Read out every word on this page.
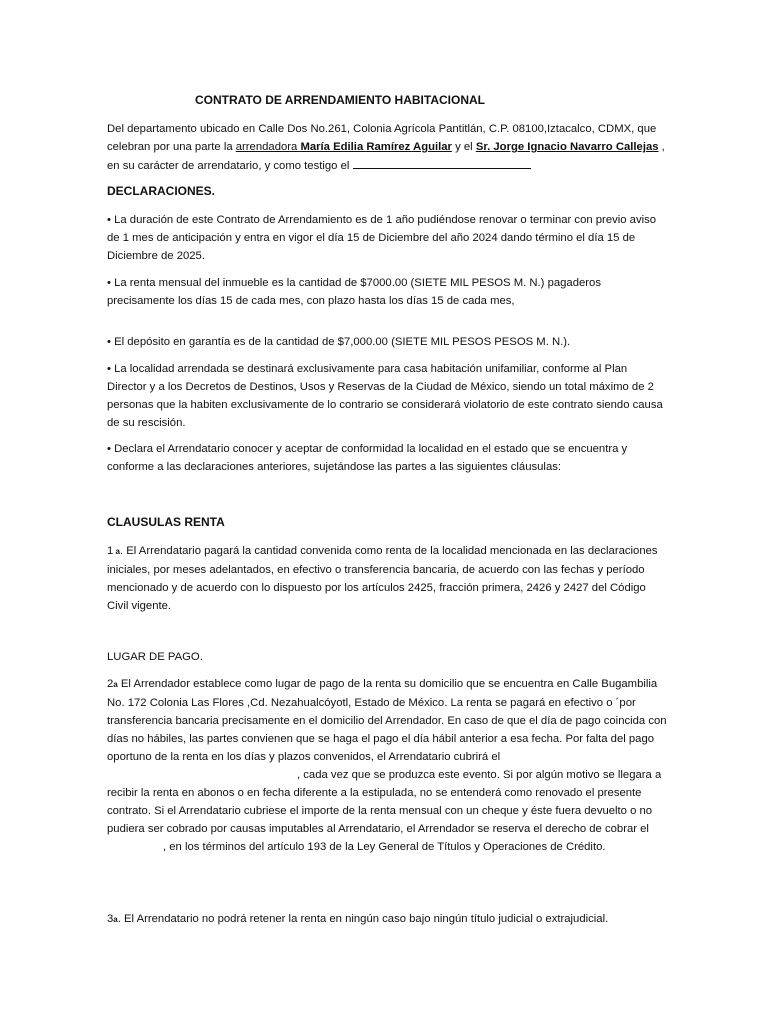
CONTRATO DE ARRENDAMIENTO HABITACIONAL
Del departamento ubicado en Calle Dos No.261, Colonia Agrícola Pantitlán, C.P. 08100,Iztacalco, CDMX, que celebran por una parte la arrendadora María Edilia Ramírez Aguilar y el Sr. Jorge Ignacio Navarro Callejas , en su carácter de arrendatario, y como testigo el
DECLARACIONES.
• La duración de este Contrato de Arrendamiento es de 1 año pudiéndose renovar o terminar con previo aviso de 1 mes de anticipación y entra en vigor el día 15 de Diciembre del año 2024 dando término el día 15 de Diciembre de 2025.
• La renta mensual del inmueble es la cantidad de $7000.00 (SIETE MIL PESOS M. N.) pagaderos precisamente los días 15 de cada mes, con plazo hasta los días 15 de cada mes,
• El depósito en garantía es de la cantidad de $7,000.00 (SIETE MIL PESOS PESOS M. N.).
• La localidad arrendada se destinará exclusivamente para casa habitación unifamiliar, conforme al Plan Director y a los Decretos de Destinos, Usos y Reservas de la Ciudad de México, siendo un total máximo de 2 personas que la habiten exclusivamente de lo contrario se considerará violatorio de este contrato siendo causa de su rescisión.
• Declara el Arrendatario conocer y aceptar de conformidad la localidad en el estado que se encuentra y conforme a las declaraciones anteriores, sujetándose las partes a las siguientes cláusulas:
CLAUSULAS RENTA
1 a. El Arrendatario pagará la cantidad convenida como renta de la localidad mencionada en las declaraciones iniciales, por meses adelantados, en efectivo o transferencia bancaria, de acuerdo con las fechas y período mencionado y de acuerdo con lo dispuesto por los artículos 2425, fracción primera, 2426 y 2427 del Código Civil vigente.
LUGAR DE PAGO.
2a El Arrendador establece como lugar de pago de la renta su domicilio que se encuentra en Calle Bugambilia No. 172 Colonia Las Flores ,Cd. Nezahualcóyotl, Estado de México. La renta se pagará en efectivo o ´por transferencia bancaria precisamente en el domicilio del Arrendador. En caso de que el día de pago coincida con días no hábiles, las partes convienen que se haga el pago el día hábil anterior a esa fecha. Por falta del pago oportuno de la renta en los días y plazos convenidos, el Arrendatario cubrirá el, cada vez que se produzca este evento. Si por algún motivo se llegara a recibir la renta en abonos o en fecha diferente a la estipulada, no se entenderá como renovado el presente contrato. Si el Arrendatario cubriese el importe de la renta mensual con un cheque y éste fuera devuelto o no pudiera ser cobrado por causas imputables al Arrendatario, el Arrendador se reserva el derecho de cobrar el
, en los términos del artículo 193 de la Ley General de Títulos y Operaciones de Crédito.
3a. El Arrendatario no podrá retener la renta en ningún caso bajo ningún título judicial o extrajudicial.
